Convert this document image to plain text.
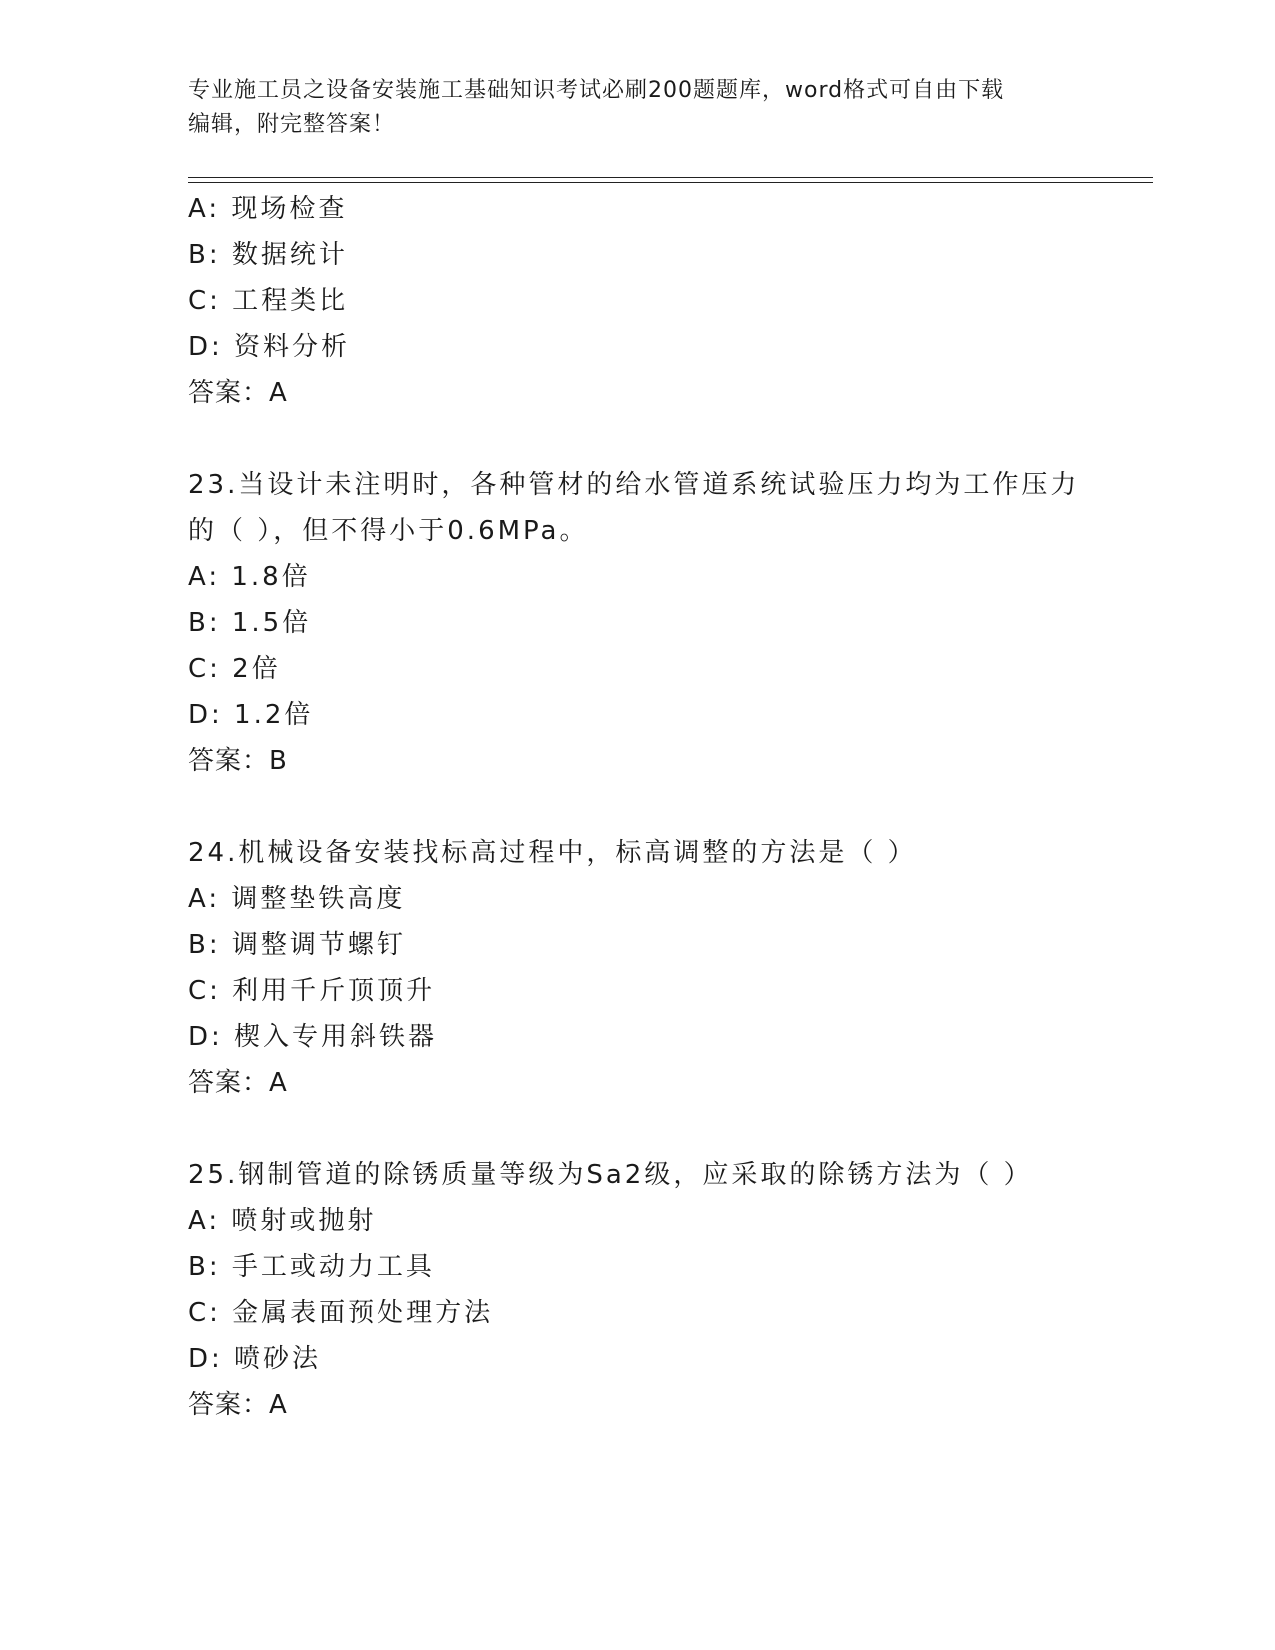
专业施工员之设备安装施工基础知识考试必刷200题题库，word格式可自由下载
编辑，附完整答案！
A: 现场检查
B: 数据统计
C: 工程类比
D: 资料分析
答案：A
23.当设计未注明时，各种管材的给水管道系统试验压力均为工作压力
的（ ），但不得小于0.6MPa。
A: 1.8倍
B: 1.5倍
C: 2倍
D: 1.2倍
答案：B
24.机械设备安装找标高过程中，标高调整的方法是（ ）
A: 调整垫铁高度
B: 调整调节螺钉
C: 利用千斤顶顶升
D: 楔入专用斜铁器
答案：A
25.钢制管道的除锈质量等级为Sa2级，应采取的除锈方法为（ ）
A: 喷射或抛射
B: 手工或动力工具
C: 金属表面预处理方法
D: 喷砂法
答案：A
